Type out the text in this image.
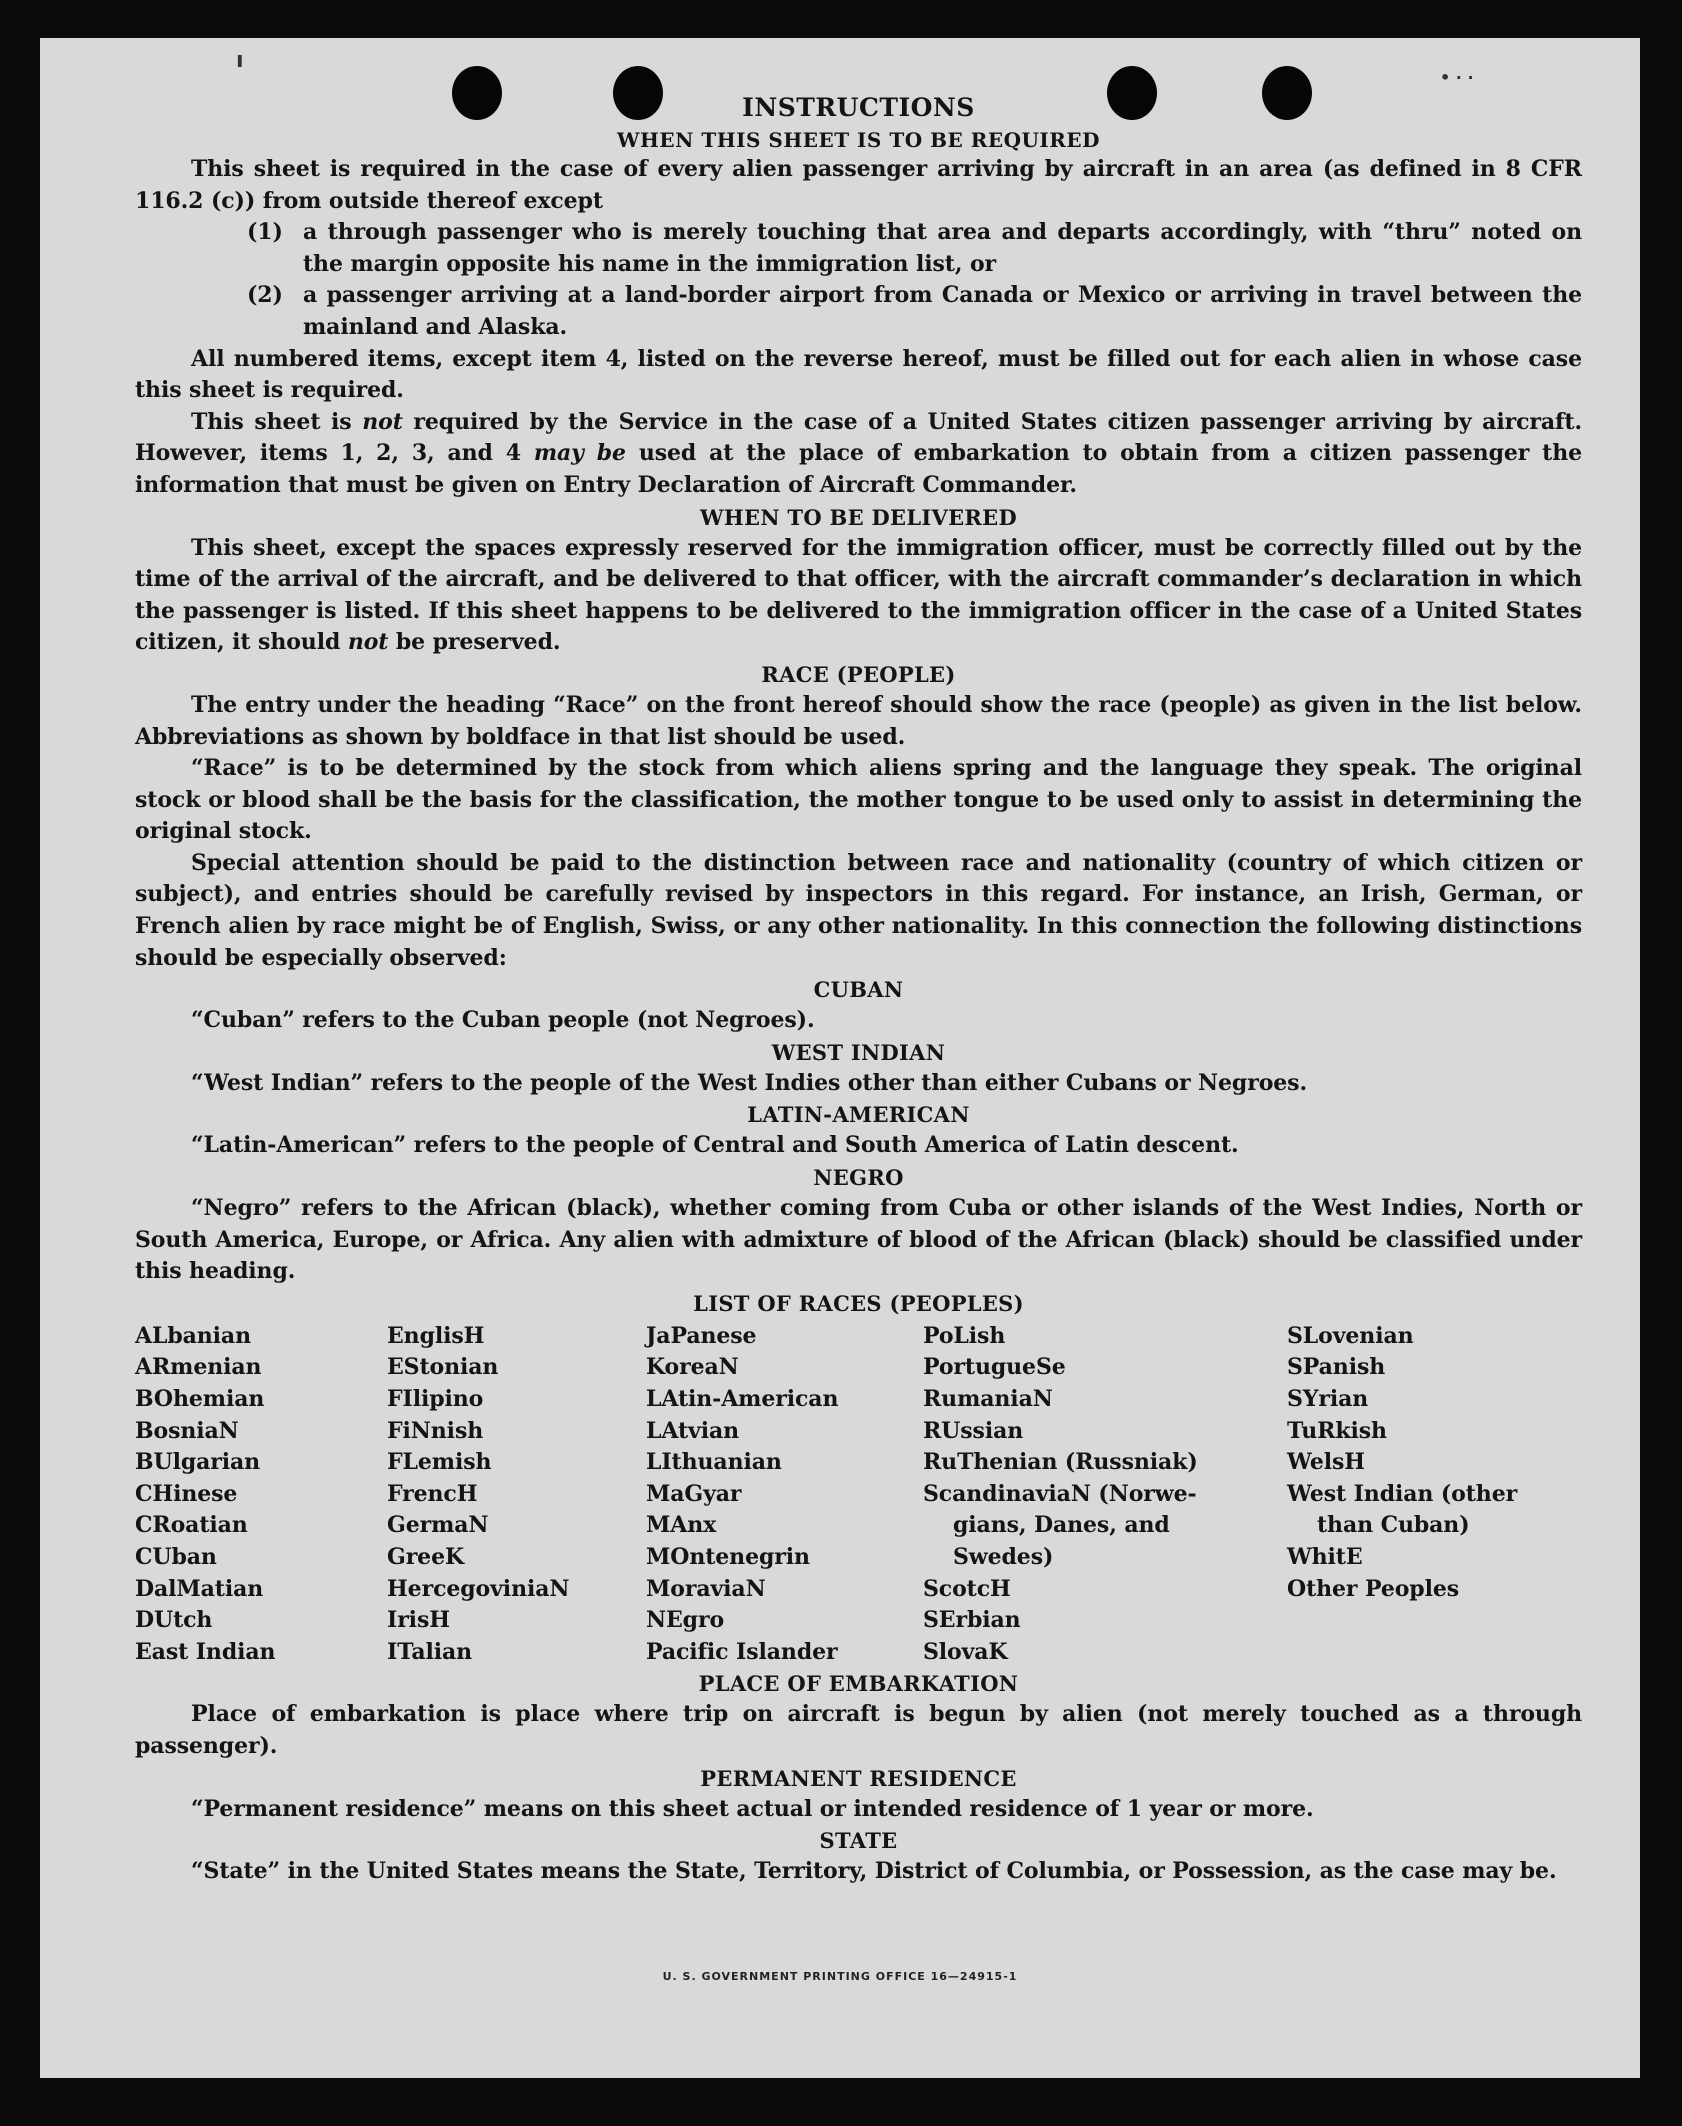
ı
• · ·

INSTRUCTIONS

WHEN THIS SHEET IS TO BE REQUIRED

This sheet is required in the case of every alien passenger arriving by aircraft in an area (as defined in 8 CFR 116.2 (c)) from outside thereof except

(1) a through passenger who is merely touching that area and departs accordingly, with “thru” noted on the margin opposite his name in the immigration list, or
(2) a passenger arriving at a land-border airport from Canada or Mexico or arriving in travel between the mainland and Alaska.

All numbered items, except item 4, listed on the reverse hereof, must be filled out for each alien in whose case this sheet is required.

This sheet is not required by the Service in the case of a United States citizen passenger arriving by aircraft. However, items 1, 2, 3, and 4 may be used at the place of embarkation to obtain from a citizen passenger the information that must be given on Entry Declaration of Aircraft Commander.

WHEN TO BE DELIVERED

This sheet, except the spaces expressly reserved for the immigration officer, must be correctly filled out by the time of the arrival of the aircraft, and be delivered to that officer, with the aircraft commander’s declaration in which the passenger is listed. If this sheet happens to be delivered to the immigration officer in the case of a United States citizen, it should not be preserved.

RACE (PEOPLE)

The entry under the heading “Race” on the front hereof should show the race (people) as given in the list below. Abbreviations as shown by boldface in that list should be used.

“Race” is to be determined by the stock from which aliens spring and the language they speak. The original stock or blood shall be the basis for the classification, the mother tongue to be used only to assist in determining the original stock.

Special attention should be paid to the distinction between race and nationality (country of which citizen or subject), and entries should be carefully revised by inspectors in this regard. For instance, an Irish, German, or French alien by race might be of English, Swiss, or any other nationality. In this connection the following distinctions should be especially observed:

CUBAN

“Cuban” refers to the Cuban people (not Negroes).

WEST INDIAN

“West Indian” refers to the people of the West Indies other than either Cubans or Negroes.

LATIN-AMERICAN

“Latin-American” refers to the people of Central and South America of Latin descent.

NEGRO

“Negro” refers to the African (black), whether coming from Cuba or other islands of the West Indies, North or South America, Europe, or Africa. Any alien with admixture of blood of the African (black) should be classified under this heading.

LIST OF RACES (PEOPLES)

ALbanian
ARmenian
BOhemian
BosniaN
BUlgarian
CHinese
CRoatian
CUban
DalMatian
DUtch
East Indian
EnglisH
EStonian
FIlipino
FiNnish
FLemish
FrencH
GermaN
GreeK
HercegoviniaN
IrisH
ITalian
JaPanese
KoreaN
LAtin-American
LAtvian
LIthuanian
MaGyar
MAnx
MOntenegrin
MoraviaN
NEgro
Pacific Islander
PoLish
PortugueSe
RumaniaN
RUssian
RuThenian (Russniak)
ScandinaviaN (Norwe-
gians, Danes, and
Swedes)
ScotcH
SErbian
SlovaK
SLovenian
SPanish
SYrian
TuRkish
WelsH
West Indian (other
than Cuban)
WhitE
Other Peoples

PLACE OF EMBARKATION

Place of embarkation is place where trip on aircraft is begun by alien (not merely touched as a through passenger).

PERMANENT RESIDENCE

“Permanent residence” means on this sheet actual or intended residence of 1 year or more.

STATE

“State” in the United States means the State, Territory, District of Columbia, or Possession, as the case may be.

U. S. GOVERNMENT PRINTING OFFICE 16—24915-1
